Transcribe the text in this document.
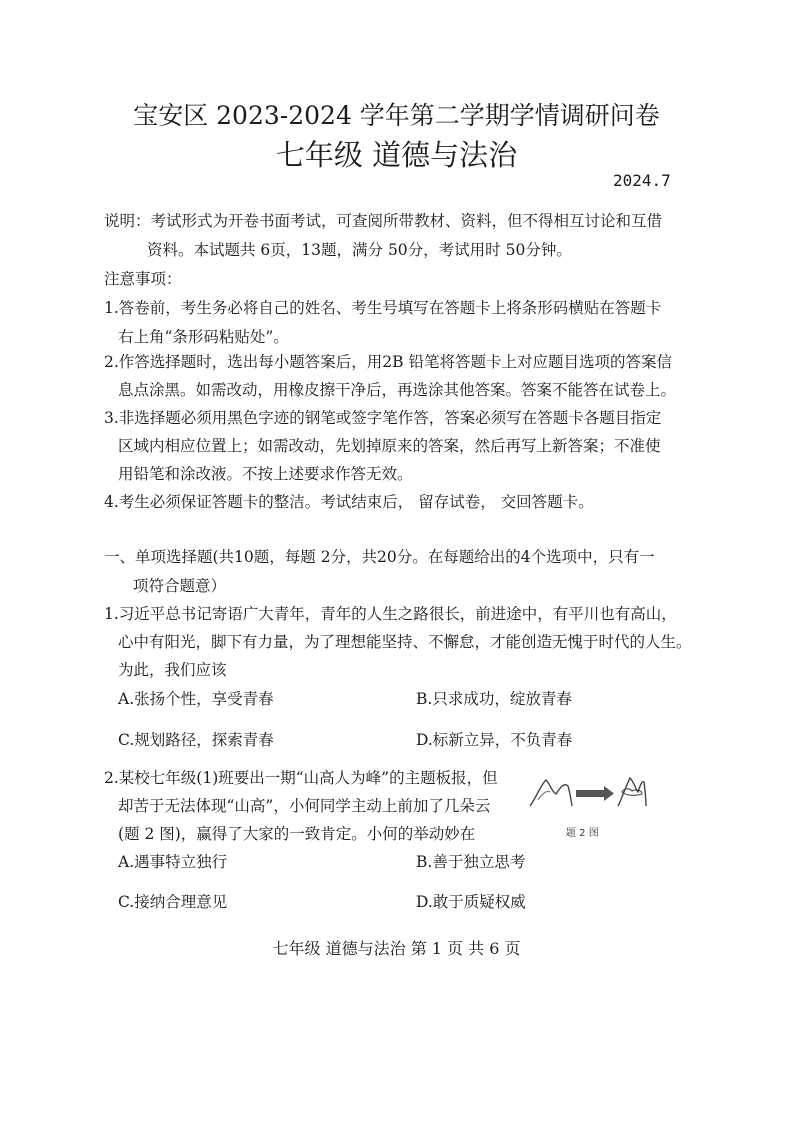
宝安区 2023-2024 学年第二学期学情调研问卷
七年级 道德与法治
2024.7
说明：考试形式为开卷书面考试，可查阅所带教材、资料，但不得相互讨论和互借
资料。本试题共 6页，13题，满分 50分，考试用时 50分钟。
注意事项：
1.答卷前，考生务必将自己的姓名、考生号填写在答题卡上将条形码横贴在答题卡
右上角“条形码粘贴处”。
2.作答选择题时，选出每小题答案后，用2B 铅笔将答题卡上对应题目选项的答案信
息点涂黑。如需改动，用橡皮擦干净后，再选涂其他答案。答案不能答在试卷上。
3.非选择题必须用黑色字迹的钢笔或签字笔作答，答案必须写在答题卡各题目指定
区域内相应位置上；如需改动，先划掉原来的答案，然后再写上新答案；不准使
用铅笔和涂改液。不按上述要求作答无效。
4.考生必须保证答题卡的整洁。考试结束后， 留存试卷， 交回答题卡。
一、单项选择题(共10题，每题 2分，共20分。在每题给出的4个选项中，只有一
项符合题意）
1.习近平总书记寄语广大青年，青年的人生之路很长，前进途中，有平川也有高山，
心中有阳光，脚下有力量，为了理想能坚持、不懈怠，才能创造无愧于时代的人生。
为此，我们应该
A.张扬个性，享受青春	B.只求成功，绽放青春
C.规划路径，探索青春	D.标新立异，不负青春
2.某校七年级(1)班要出一期“山高人为峰”的主题板报，但
却苦于无法体现“山高”，小何同学主动上前加了几朵云
(题 2 图)，赢得了大家的一致肯定。小何的举动妙在	题 2 图
A.遇事特立独行	B.善于独立思考
C.接纳合理意见	D.敢于质疑权威
七年级 道德与法治 第 1 页 共 6 页
